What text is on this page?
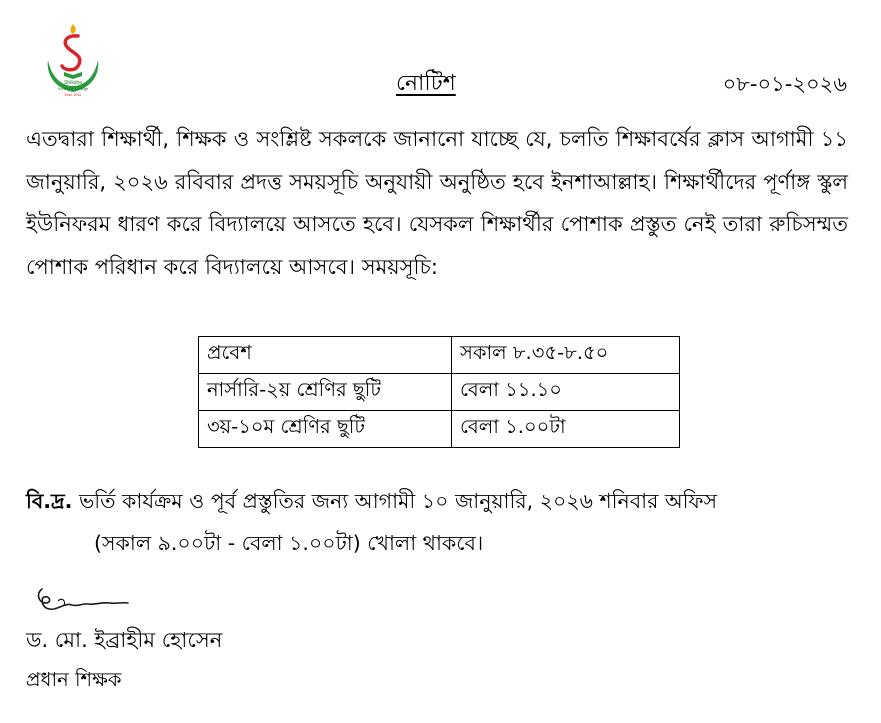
Shiksha
School & College
Estd: 2012	নোটিশ	০৮-০১-২০২৬
এতদ্বারা শিক্ষার্থী, শিক্ষক ও সংশ্লিষ্ট সকলকে জানানো যাচ্ছে যে, চলতি শিক্ষাবর্ষের ক্লাস আগামী ১১ জানুয়ারি, ২০২৬ রবিবার প্রদত্ত সময়সূচি অনুযায়ী অনুষ্ঠিত হবে ইনশাআল্লাহ। শিক্ষার্থীদের পূর্ণাঙ্গ স্কুল ইউনিফরম ধারণ করে বিদ্যালয়ে আসতে হবে। যেসকল শিক্ষার্থীর পোশাক প্রস্তুত নেই তারা রুচিসম্মত পোশাক পরিধান করে বিদ্যালয়ে আসবে। সময়সূচি:
প্রবেশ	সকাল ৮.৩৫-৮.৫০
নার্সারি-২য় শ্রেণির ছুটি	বেলা ১১.১০
৩য়-১০ম শ্রেণির ছুটি	বেলা ১.০০টা
বি.দ্র. ভর্তি কার্যক্রম ও পূর্ব প্রস্তুতির জন্য আগামী ১০ জানুয়ারি, ২০২৬ শনিবার অফিস
(সকাল ৯.০০টা - বেলা ১.০০টা) খোলা থাকবে।
ড. মো. ইব্রাহীম হোসেন
প্রধান শিক্ষক
